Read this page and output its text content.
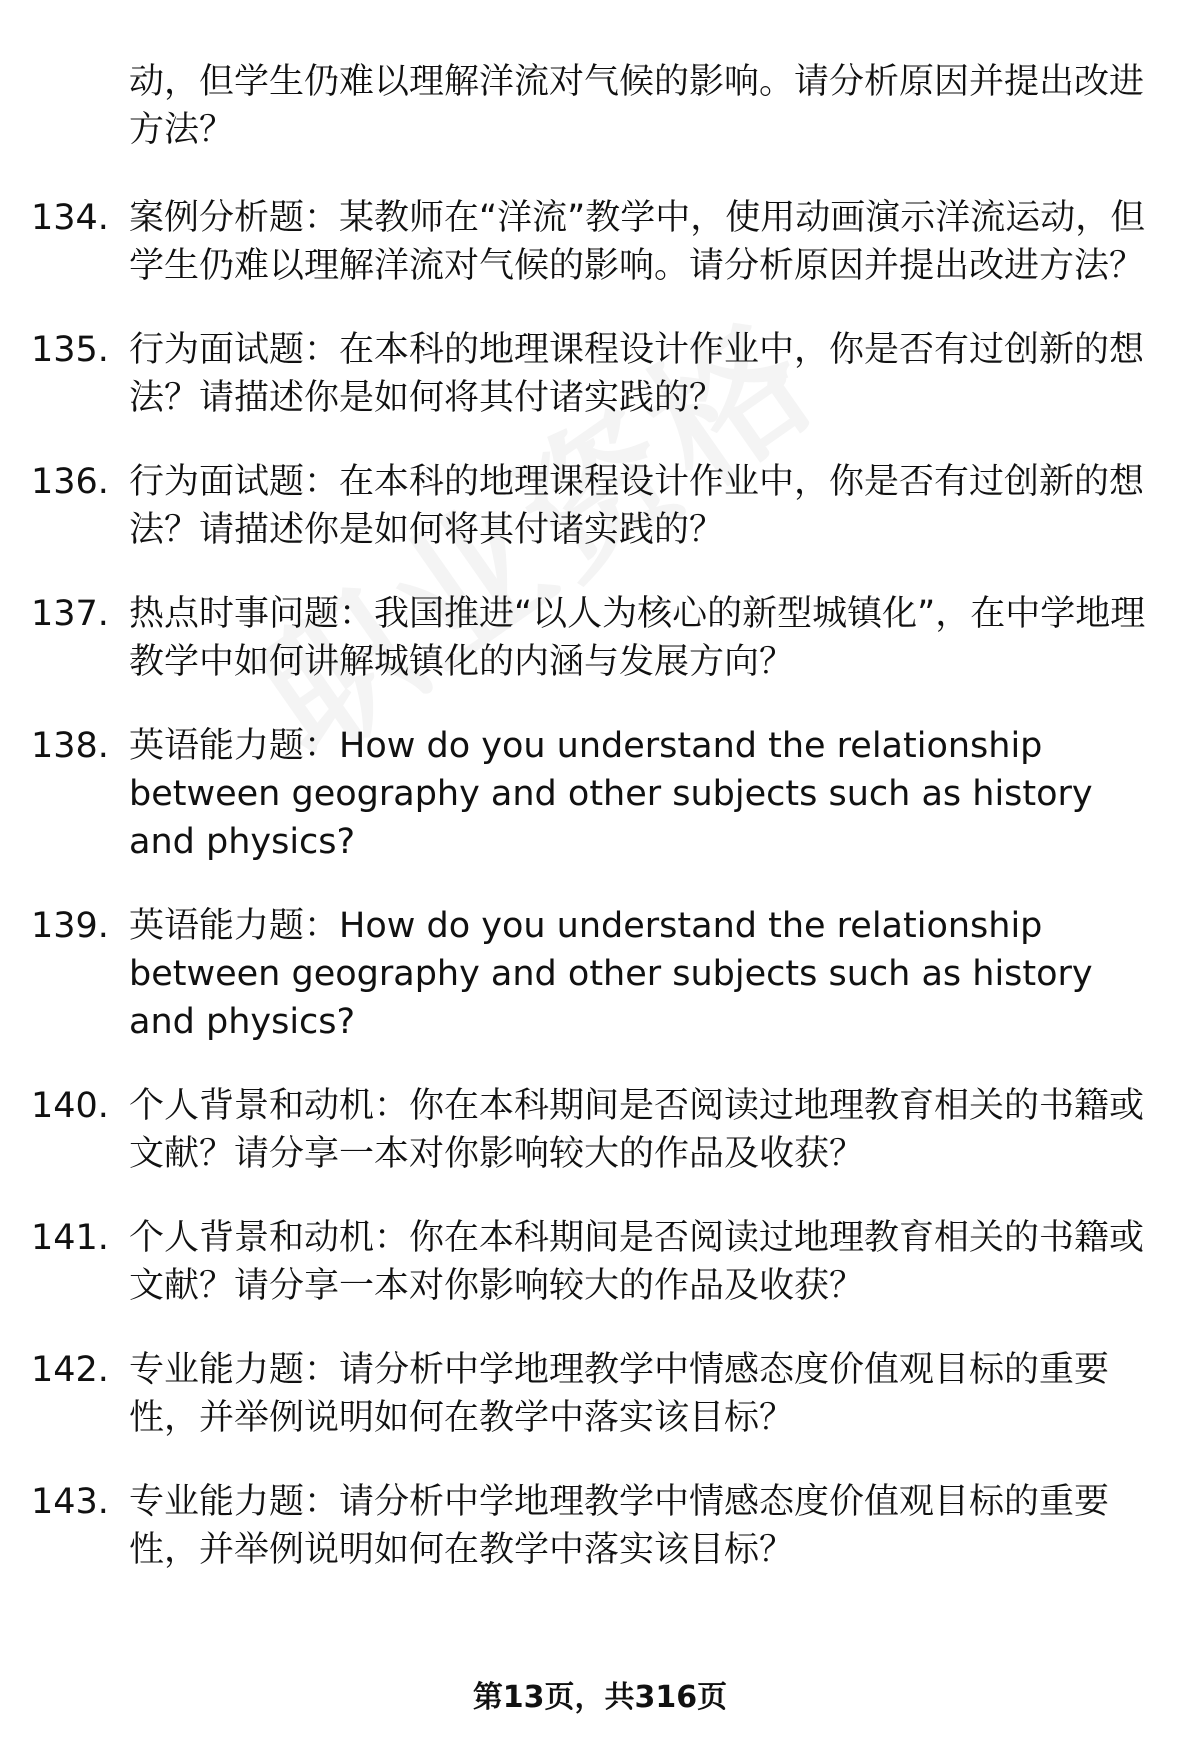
动，但学生仍难以理解洋流对气候的影响。请分析原因并提出改进方法？
134. 案例分析题：某教师在“洋流”教学中，使用动画演示洋流运动，但学生仍难以理解洋流对气候的影响。请分析原因并提出改进方法？
135. 行为面试题：在本科的地理课程设计作业中，你是否有过创新的想法？请描述你是如何将其付诸实践的？
136. 行为面试题：在本科的地理课程设计作业中，你是否有过创新的想法？请描述你是如何将其付诸实践的？
137. 热点时事问题：我国推进“以人为核心的新型城镇化”，在中学地理教学中如何讲解城镇化的内涵与发展方向？
138. 英语能力题：How do you understand the relationship between geography and other subjects such as history and physics?
139. 英语能力题：How do you understand the relationship between geography and other subjects such as history and physics?
140. 个人背景和动机：你在本科期间是否阅读过地理教育相关的书籍或文献？请分享一本对你影响较大的作品及收获？
141. 个人背景和动机：你在本科期间是否阅读过地理教育相关的书籍或文献？请分享一本对你影响较大的作品及收获？
142. 专业能力题：请分析中学地理教学中情感态度价值观目标的重要性，并举例说明如何在教学中落实该目标？
143. 专业能力题：请分析中学地理教学中情感态度价值观目标的重要性，并举例说明如何在教学中落实该目标？
第13页，共316页
